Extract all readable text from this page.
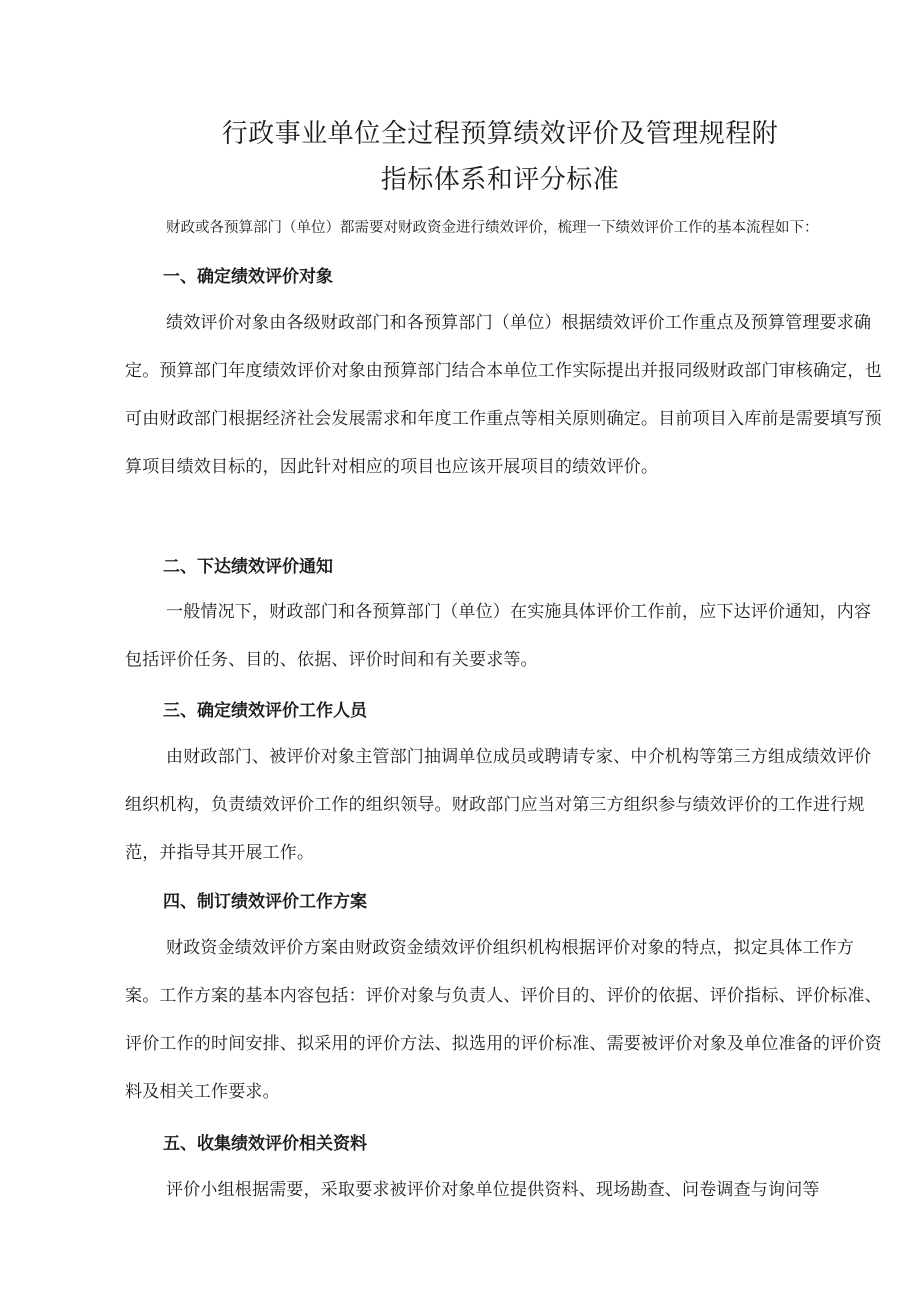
行政事业单位全过程预算绩效评价及管理规程附
指标体系和评分标准
财政或各预算部门（单位）都需要对财政资金进行绩效评价，梳理一下绩效评价工作的基本流程如下：
一、确定绩效评价对象
绩效评价对象由各级财政部门和各预算部门（单位）根据绩效评价工作重点及预算管理要求确定。预算部门年度绩效评价对象由预算部门结合本单位工作实际提出并报同级财政部门审核确定，也可由财政部门根据经济社会发展需求和年度工作重点等相关原则确定。目前项目入库前是需要填写预算项目绩效目标的，因此针对相应的项目也应该开展项目的绩效评价。
二、下达绩效评价通知
一般情况下，财政部门和各预算部门（单位）在实施具体评价工作前，应下达评价通知，内容包括评价任务、目的、依据、评价时间和有关要求等。
三、确定绩效评价工作人员
由财政部门、被评价对象主管部门抽调单位成员或聘请专家、中介机构等第三方组成绩效评价组织机构，负责绩效评价工作的组织领导。财政部门应当对第三方组织参与绩效评价的工作进行规范，并指导其开展工作。
四、制订绩效评价工作方案
财政资金绩效评价方案由财政资金绩效评价组织机构根据评价对象的特点，拟定具体工作方案。工作方案的基本内容包括：评价对象与负责人、评价目的、评价的依据、评价指标、评价标准、评价工作的时间安排、拟采用的评价方法、拟选用的评价标准、需要被评价对象及单位准备的评价资料及相关工作要求。
五、收集绩效评价相关资料
评价小组根据需要，采取要求被评价对象单位提供资料、现场勘查、问卷调查与询问等
